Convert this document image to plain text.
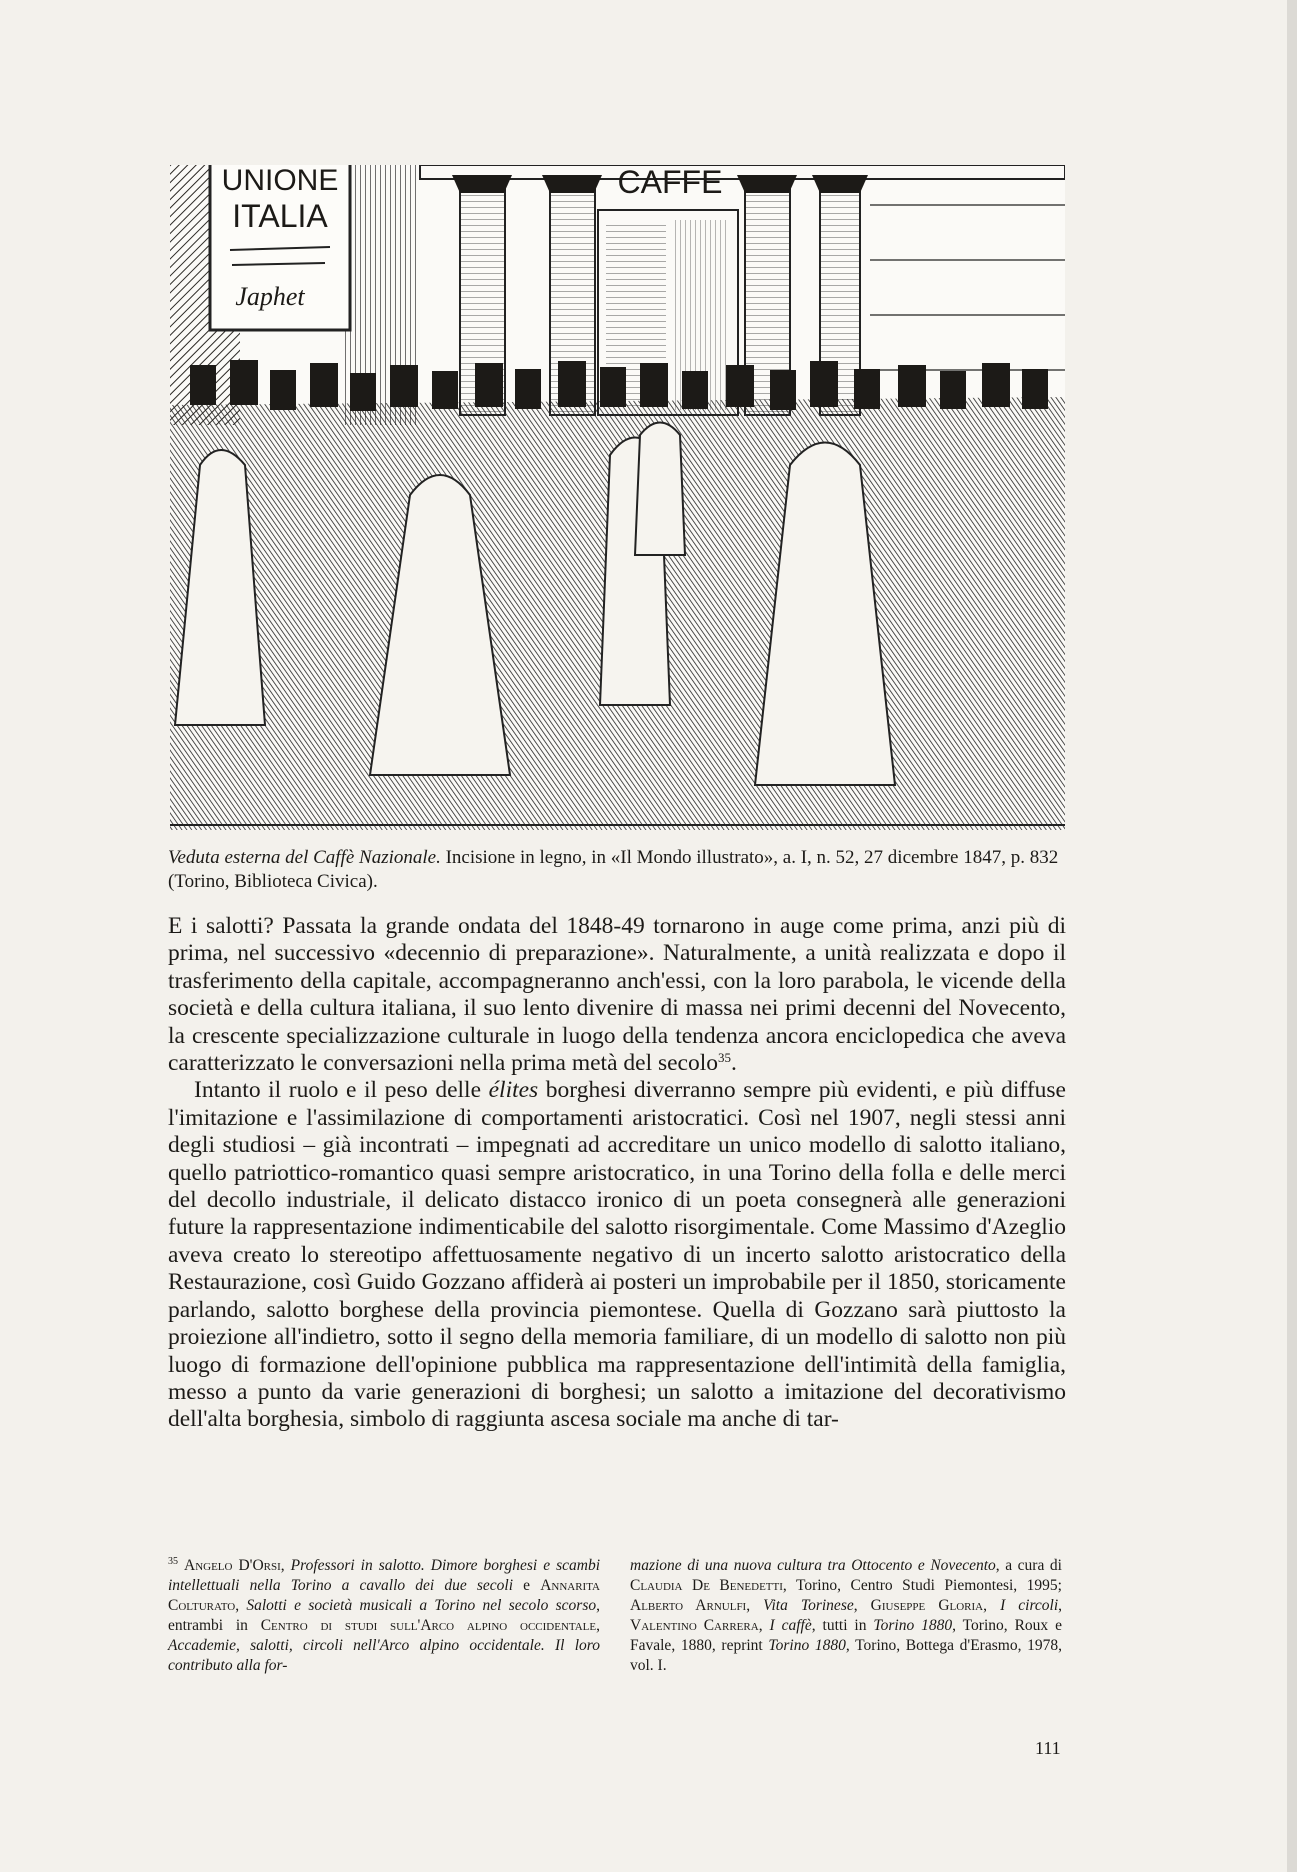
UNIONE
ITALIA
Japhet
CAFFE
Veduta esterna del Caffè Nazionale. Incisione in legno, in «Il Mondo illustrato», a. I, n. 52, 27 dicembre 1847, p. 832 (Torino, Biblioteca Civica).

E i salotti? Passata la grande ondata del 1848-49 tornarono in auge come prima, anzi più di prima, nel successivo «decennio di preparazione». Naturalmente, a unità realizzata e dopo il trasferimento della capitale, accompagneranno anch'essi, con la loro parabola, le vicende della società e della cultura italiana, il suo lento divenire di massa nei primi decenni del Novecento, la crescente specializzazione culturale in luogo della tendenza ancora enciclopedica che aveva caratterizzato le conversazioni nella prima metà del secolo$^{35}$.

Intanto il ruolo e il peso delle élites borghesi diverranno sempre più evidenti, e più diffuse l'imitazione e l'assimilazione di comportamenti aristocratici. Così nel 1907, negli stessi anni degli studiosi – già incontrati – impegnati ad accreditare un unico modello di salotto italiano, quello patriottico-romantico quasi sempre aristocratico, in una Torino della folla e delle merci del decollo industriale, il delicato distacco ironico di un poeta consegnerà alle generazioni future la rappresentazione indimenticabile del salotto risorgimentale. Come Massimo d'Azeglio aveva creato lo stereotipo affettuosamente negativo di un incerto salotto aristocratico della Restaurazione, così Guido Gozzano affiderà ai posteri un improbabile per il 1850, storicamente parlando, salotto borghese della provincia piemontese. Quella di Gozzano sarà piuttosto la proiezione all'indietro, sotto il segno della memoria familiare, di un modello di salotto non più luogo di formazione dell'opinione pubblica ma rappresentazione dell'intimità della famiglia, messo a punto da varie generazioni di borghesi; un salotto a imitazione del decorativismo dell'alta borghesia, simbolo di raggiunta ascesa sociale ma anche di tar-

$^{35}$ Angelo D'Orsi, Professori in salotto. Dimore borghesi e scambi intellettuali nella Torino a cavallo dei due secoli e Annarita Colturato, Salotti e società musicali a Torino nel secolo scorso, entrambi in Centro di studi sull'Arco alpino occidentale, Accademie, salotti, circoli nell'Arco alpino occidentale. Il loro contributo alla for-
mazione di una nuova cultura tra Ottocento e Novecento, a cura di Claudia De Benedetti, Torino, Centro Studi Piemontesi, 1995; Alberto Arnulfi, Vita Torinese, Giuseppe Gloria, I circoli, Valentino Carrera, I caffè, tutti in Torino 1880, Torino, Roux e Favale, 1880, reprint Torino 1880, Torino, Bottega d'Erasmo, 1978, vol. I.
111
